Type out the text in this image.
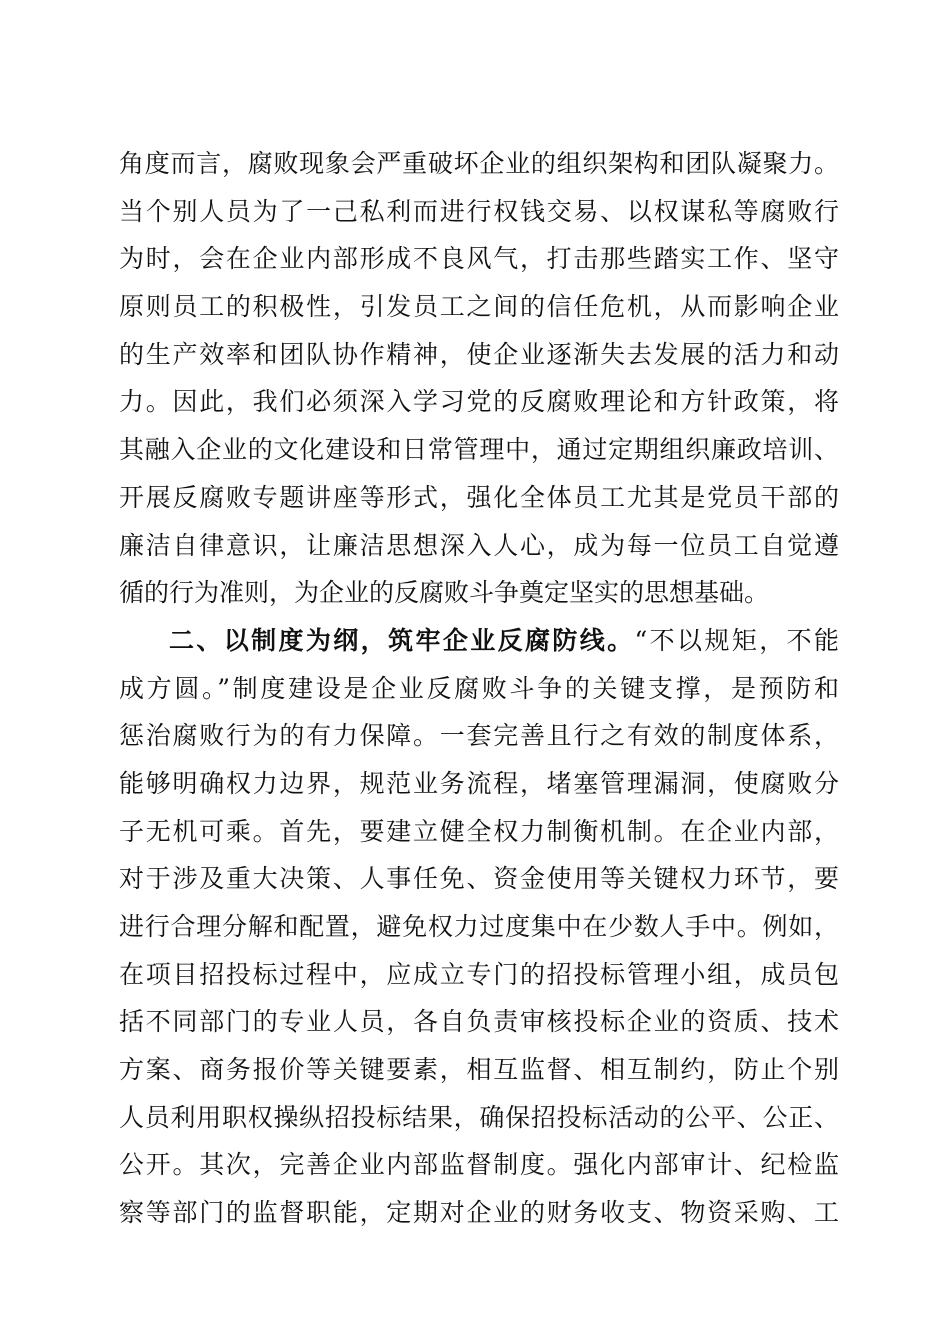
角度而言，腐败现象会严重破坏企业的组织架构和团队凝聚力。
当个别人员为了一己私利而进行权钱交易、以权谋私等腐败行
为时，会在企业内部形成不良风气，打击那些踏实工作、坚守
原则员工的积极性，引发员工之间的信任危机，从而影响企业
的生产效率和团队协作精神，使企业逐渐失去发展的活力和动
力。因此，我们必须深入学习党的反腐败理论和方针政策，将
其融入企业的文化建设和日常管理中，通过定期组织廉政培训、
开展反腐败专题讲座等形式，强化全体员工尤其是党员干部的
廉洁自律意识，让廉洁思想深入人心，成为每一位员工自觉遵
循的行为准则，为企业的反腐败斗争奠定坚实的思想基础。
二、以制度为纲，筑牢企业反腐防线。“不以规矩，不能
成方圆。”制度建设是企业反腐败斗争的关键支撑，是预防和
惩治腐败行为的有力保障。一套完善且行之有效的制度体系，
能够明确权力边界，规范业务流程，堵塞管理漏洞，使腐败分
子无机可乘。首先，要建立健全权力制衡机制。在企业内部，
对于涉及重大决策、人事任免、资金使用等关键权力环节，要
进行合理分解和配置，避免权力过度集中在少数人手中。例如，
在项目招投标过程中，应成立专门的招投标管理小组，成员包
括不同部门的专业人员，各自负责审核投标企业的资质、技术
方案、商务报价等关键要素，相互监督、相互制约，防止个别
人员利用职权操纵招投标结果，确保招投标活动的公平、公正、
公开。其次，完善企业内部监督制度。强化内部审计、纪检监
察等部门的监督职能，定期对企业的财务收支、物资采购、工
